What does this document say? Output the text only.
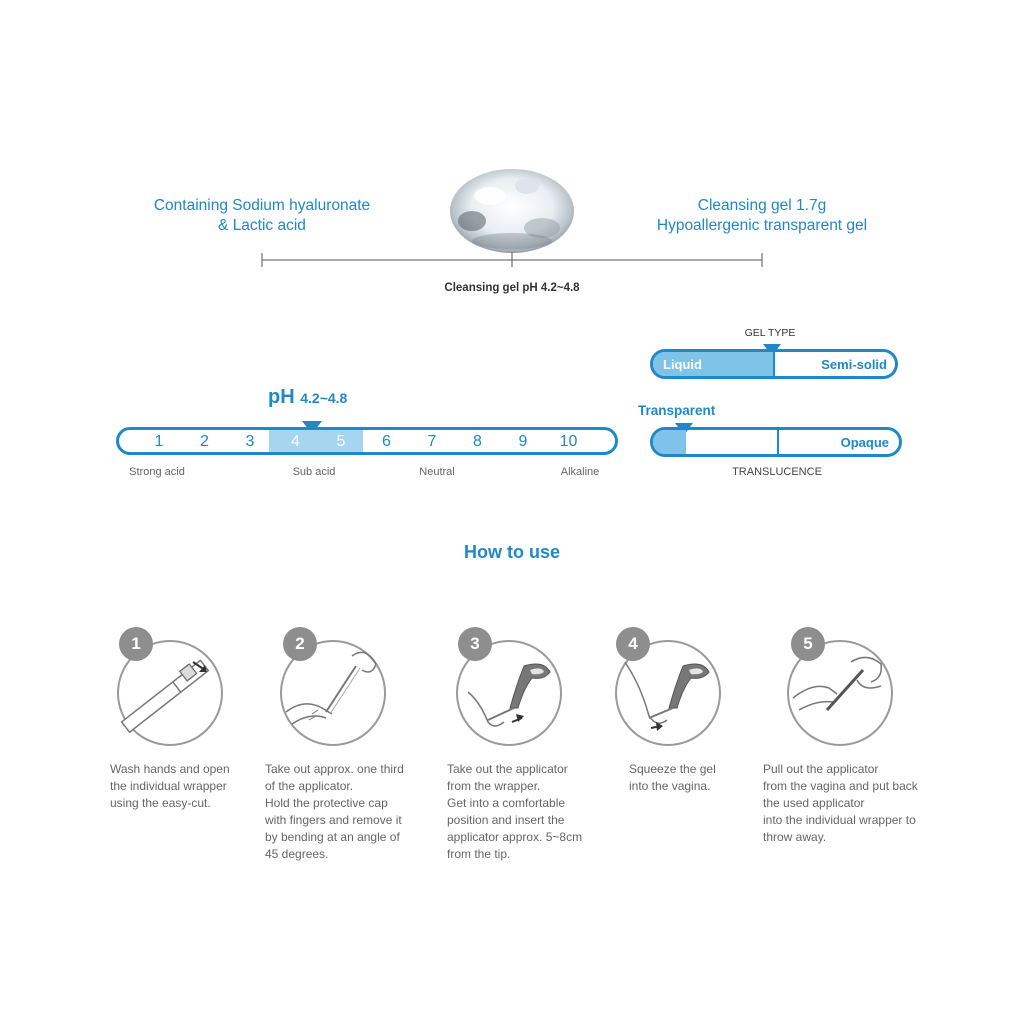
Containing Sodium hyaluronate
& Lactic acid
Cleansing gel 1.7g
Hypoallergenic transparent gel
Cleansing gel pH 4.2~4.8
pH 4.2~4.8
1	2	3	4	5	6	7	8	9	10
Strong acid	Sub acid	Neutral	Alkaline
GEL TYPE
Liquid	Semi-solid
Transparent
Opaque
TRANSLUCENCE
How to use
1
Wash hands and open
the individual wrapper
using the easy-cut.
2
Take out approx. one third
of the applicator.
Hold the protective cap
with fingers and remove it
by bending at an angle of
45 degrees.
3
Take out the applicator
from the wrapper.
Get into a comfortable
position and insert the
applicator approx. 5~8cm
from the tip.
4
Squeeze the gel
into the vagina.
5
Pull out the applicator
from the vagina and put back
the used applicator
into the individual wrapper to
throw away.
